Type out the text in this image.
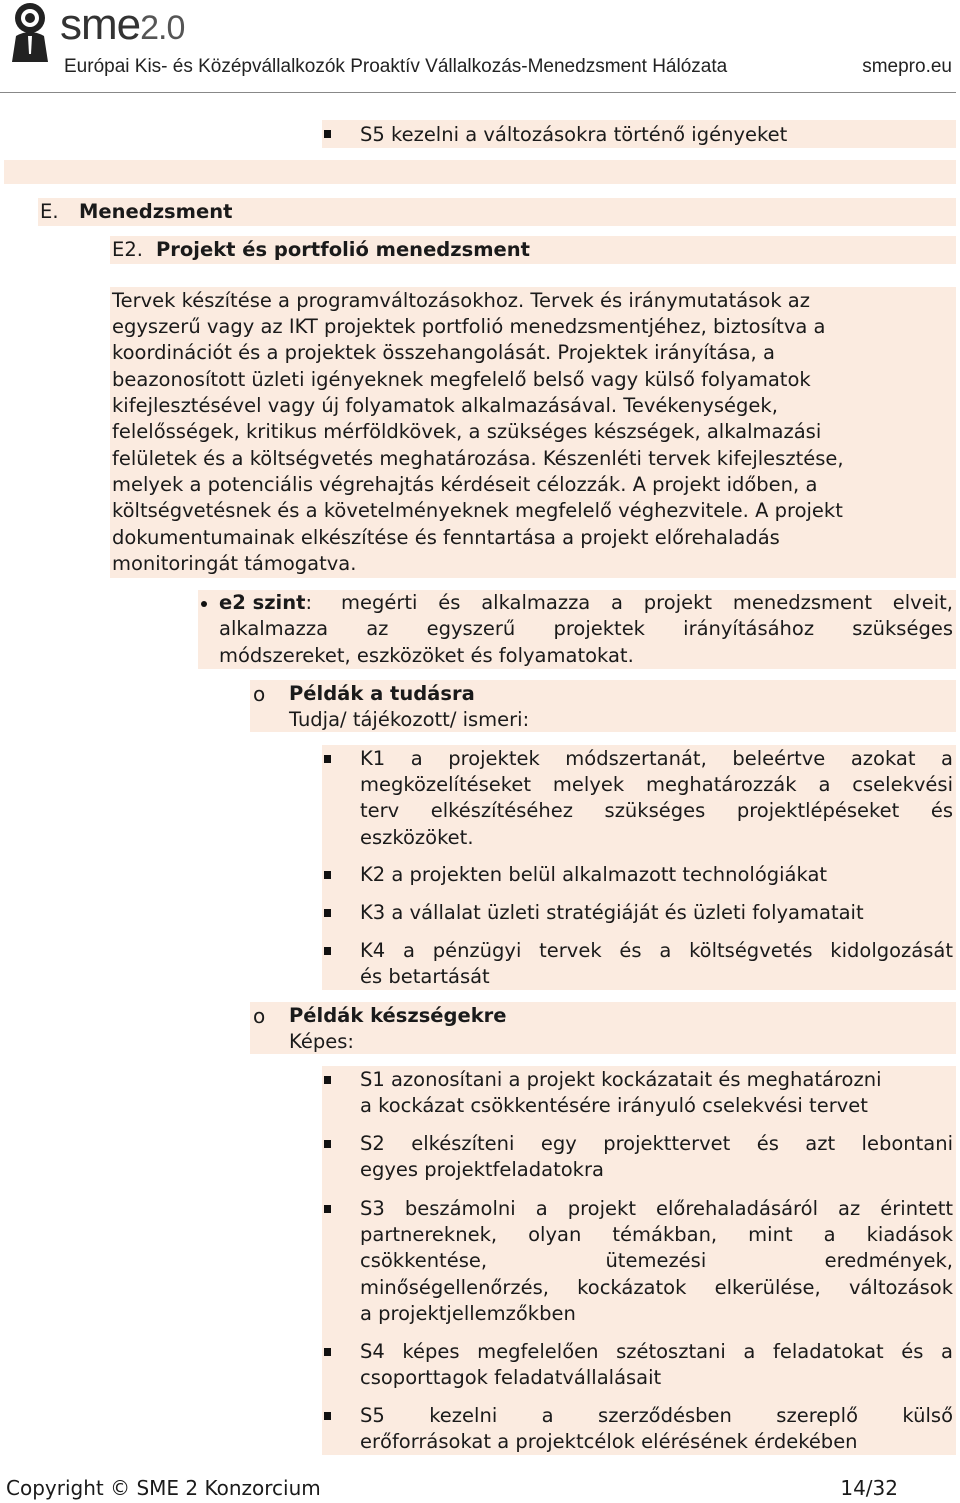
sme2.0
Európai Kis- és Középvállalkozók Proaktív Vállalkozás-Menedzsment Hálózata	smepro.eu
S5 kezelni a változásokra történő igényeket
E. Menedzsment
E2. Projekt és portfolió menedzsment
Tervek készítése a programváltozásokhoz. Tervek és iránymutatások az
egyszerű vagy az IKT projektek portfolió menedzsmentjéhez, biztosítva a
koordinációt és a projektek összehangolását. Projektek irányítása, a
beazonosított üzleti igényeknek megfelelő belső vagy külső folyamatok
kifejlesztésével vagy új folyamatok alkalmazásával. Tevékenységek,
felelősségek, kritikus mérföldkövek, a szükséges készségek, alkalmazási
felületek és a költségvetés meghatározása. Készenléti tervek kifejlesztése,
melyek a potenciális végrehajtás kérdéseit célozzák. A projekt időben, a
költségvetésnek és a követelményeknek megfelelő véghezvitele. A projekt
dokumentumainak elkészítése és fenntartása a projekt előrehaladás
monitoringát támogatva.
e2 szint: megérti és alkalmazza a projekt menedzsment elveit,
alkalmazza az egyszerű projektek irányításához szükséges
módszereket, eszközöket és folyamatokat.
o Példák a tudásra
Tudja/ tájékozott/ ismeri:
K1 a projektek módszertanát, beleértve azokat a
megközelítéseket melyek meghatározzák a cselekvési
terv elkészítéséhez szükséges projektlépéseket és
eszközöket.
K2 a projekten belül alkalmazott technológiákat
K3 a vállalat üzleti stratégiáját és üzleti folyamatait
K4 a pénzügyi tervek és a költségvetés kidolgozását
és betartását
o Példák készségekre
Képes:
S1 azonosítani a projekt kockázatait és meghatározni
a kockázat csökkentésére irányuló cselekvési tervet
S2 elkészíteni egy projekttervet és azt lebontani
egyes projektfeladatokra
S3 beszámolni a projekt előrehaladásáról az érintett
partnereknek, olyan témákban, mint a kiadások
csökkentése, ütemezési eredmények,
minőségellenőrzés, kockázatok elkerülése, változások
a projektjellemzőkben
S4 képes megfelelően szétosztani a feladatokat és a
csoporttagok feladatvállalásait
S5 kezelni a szerződésben szereplő külső
erőforrásokat a projektcélok elérésének érdekében
Copyright © SME 2 Konzorcium	14/32
